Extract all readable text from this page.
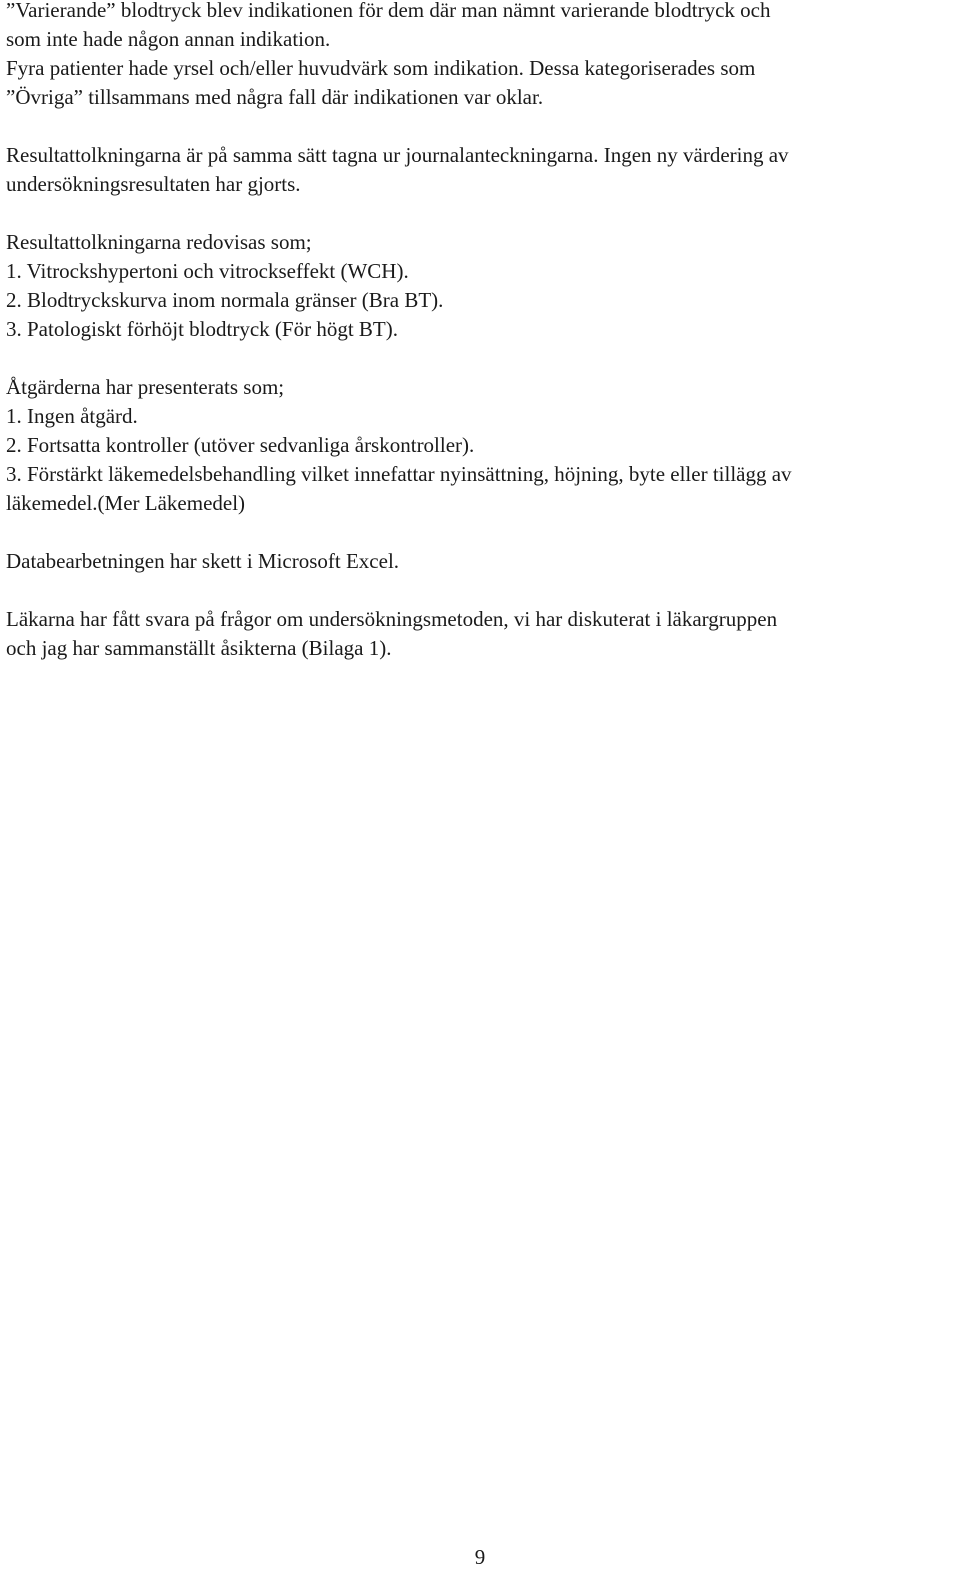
”Varierande” blodtryck blev indikationen för dem där man nämnt varierande blodtryck och
som inte hade någon annan indikation.
Fyra patienter hade yrsel och/eller huvudvärk som indikation. Dessa kategoriserades som
”Övriga” tillsammans med några fall där indikationen var oklar.
Resultattolkningarna är på samma sätt tagna ur journalanteckningarna. Ingen ny värdering av
undersökningsresultaten har gjorts.
Resultattolkningarna redovisas som;
1. Vitrockshypertoni och vitrockseffekt (WCH).
2. Blodtryckskurva inom normala gränser (Bra BT).
3. Patologiskt förhöjt blodtryck (För högt BT).
Åtgärderna har presenterats som;
1. Ingen åtgärd.
2. Fortsatta kontroller (utöver sedvanliga årskontroller).
3. Förstärkt läkemedelsbehandling vilket innefattar nyinsättning, höjning, byte eller tillägg av
läkemedel.(Mer Läkemedel)
Databearbetningen har skett i Microsoft Excel.
Läkarna har fått svara på frågor om undersökningsmetoden, vi har diskuterat i läkargruppen
och jag har sammanställt åsikterna (Bilaga 1).
9
